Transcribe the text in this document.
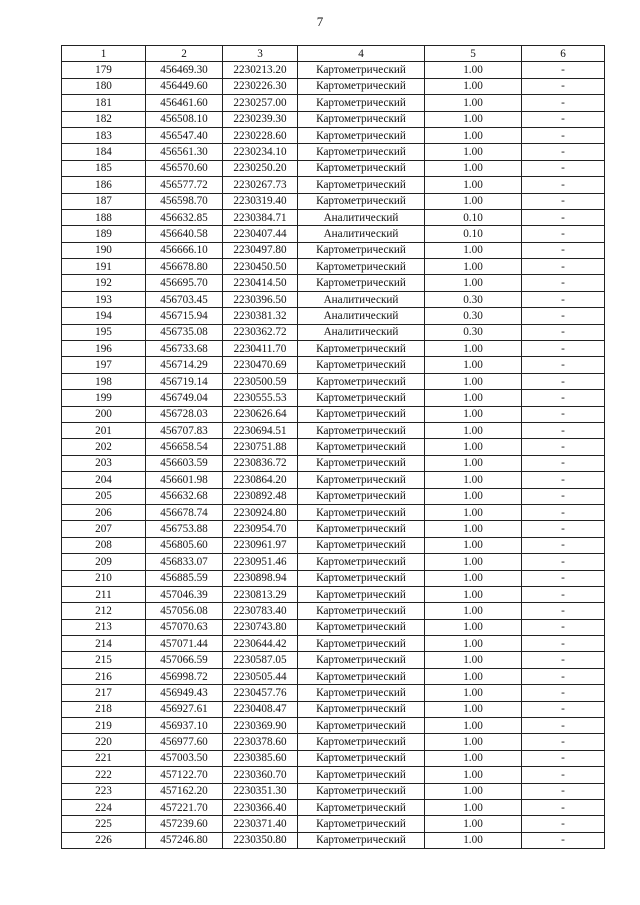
7
1	2	3	4	5	6
179	456469.30	2230213.20	Картометрический	1.00	-
180	456449.60	2230226.30	Картометрический	1.00	-
181	456461.60	2230257.00	Картометрический	1.00	-
182	456508.10	2230239.30	Картометрический	1.00	-
183	456547.40	2230228.60	Картометрический	1.00	-
184	456561.30	2230234.10	Картометрический	1.00	-
185	456570.60	2230250.20	Картометрический	1.00	-
186	456577.72	2230267.73	Картометрический	1.00	-
187	456598.70	2230319.40	Картометрический	1.00	-
188	456632.85	2230384.71	Аналитический	0.10	-
189	456640.58	2230407.44	Аналитический	0.10	-
190	456666.10	2230497.80	Картометрический	1.00	-
191	456678.80	2230450.50	Картометрический	1.00	-
192	456695.70	2230414.50	Картометрический	1.00	-
193	456703.45	2230396.50	Аналитический	0.30	-
194	456715.94	2230381.32	Аналитический	0.30	-
195	456735.08	2230362.72	Аналитический	0.30	-
196	456733.68	2230411.70	Картометрический	1.00	-
197	456714.29	2230470.69	Картометрический	1.00	-
198	456719.14	2230500.59	Картометрический	1.00	-
199	456749.04	2230555.53	Картометрический	1.00	-
200	456728.03	2230626.64	Картометрический	1.00	-
201	456707.83	2230694.51	Картометрический	1.00	-
202	456658.54	2230751.88	Картометрический	1.00	-
203	456603.59	2230836.72	Картометрический	1.00	-
204	456601.98	2230864.20	Картометрический	1.00	-
205	456632.68	2230892.48	Картометрический	1.00	-
206	456678.74	2230924.80	Картометрический	1.00	-
207	456753.88	2230954.70	Картометрический	1.00	-
208	456805.60	2230961.97	Картометрический	1.00	-
209	456833.07	2230951.46	Картометрический	1.00	-
210	456885.59	2230898.94	Картометрический	1.00	-
211	457046.39	2230813.29	Картометрический	1.00	-
212	457056.08	2230783.40	Картометрический	1.00	-
213	457070.63	2230743.80	Картометрический	1.00	-
214	457071.44	2230644.42	Картометрический	1.00	-
215	457066.59	2230587.05	Картометрический	1.00	-
216	456998.72	2230505.44	Картометрический	1.00	-
217	456949.43	2230457.76	Картометрический	1.00	-
218	456927.61	2230408.47	Картометрический	1.00	-
219	456937.10	2230369.90	Картометрический	1.00	-
220	456977.60	2230378.60	Картометрический	1.00	-
221	457003.50	2230385.60	Картометрический	1.00	-
222	457122.70	2230360.70	Картометрический	1.00	-
223	457162.20	2230351.30	Картометрический	1.00	-
224	457221.70	2230366.40	Картометрический	1.00	-
225	457239.60	2230371.40	Картометрический	1.00	-
226	457246.80	2230350.80	Картометрический	1.00	-
